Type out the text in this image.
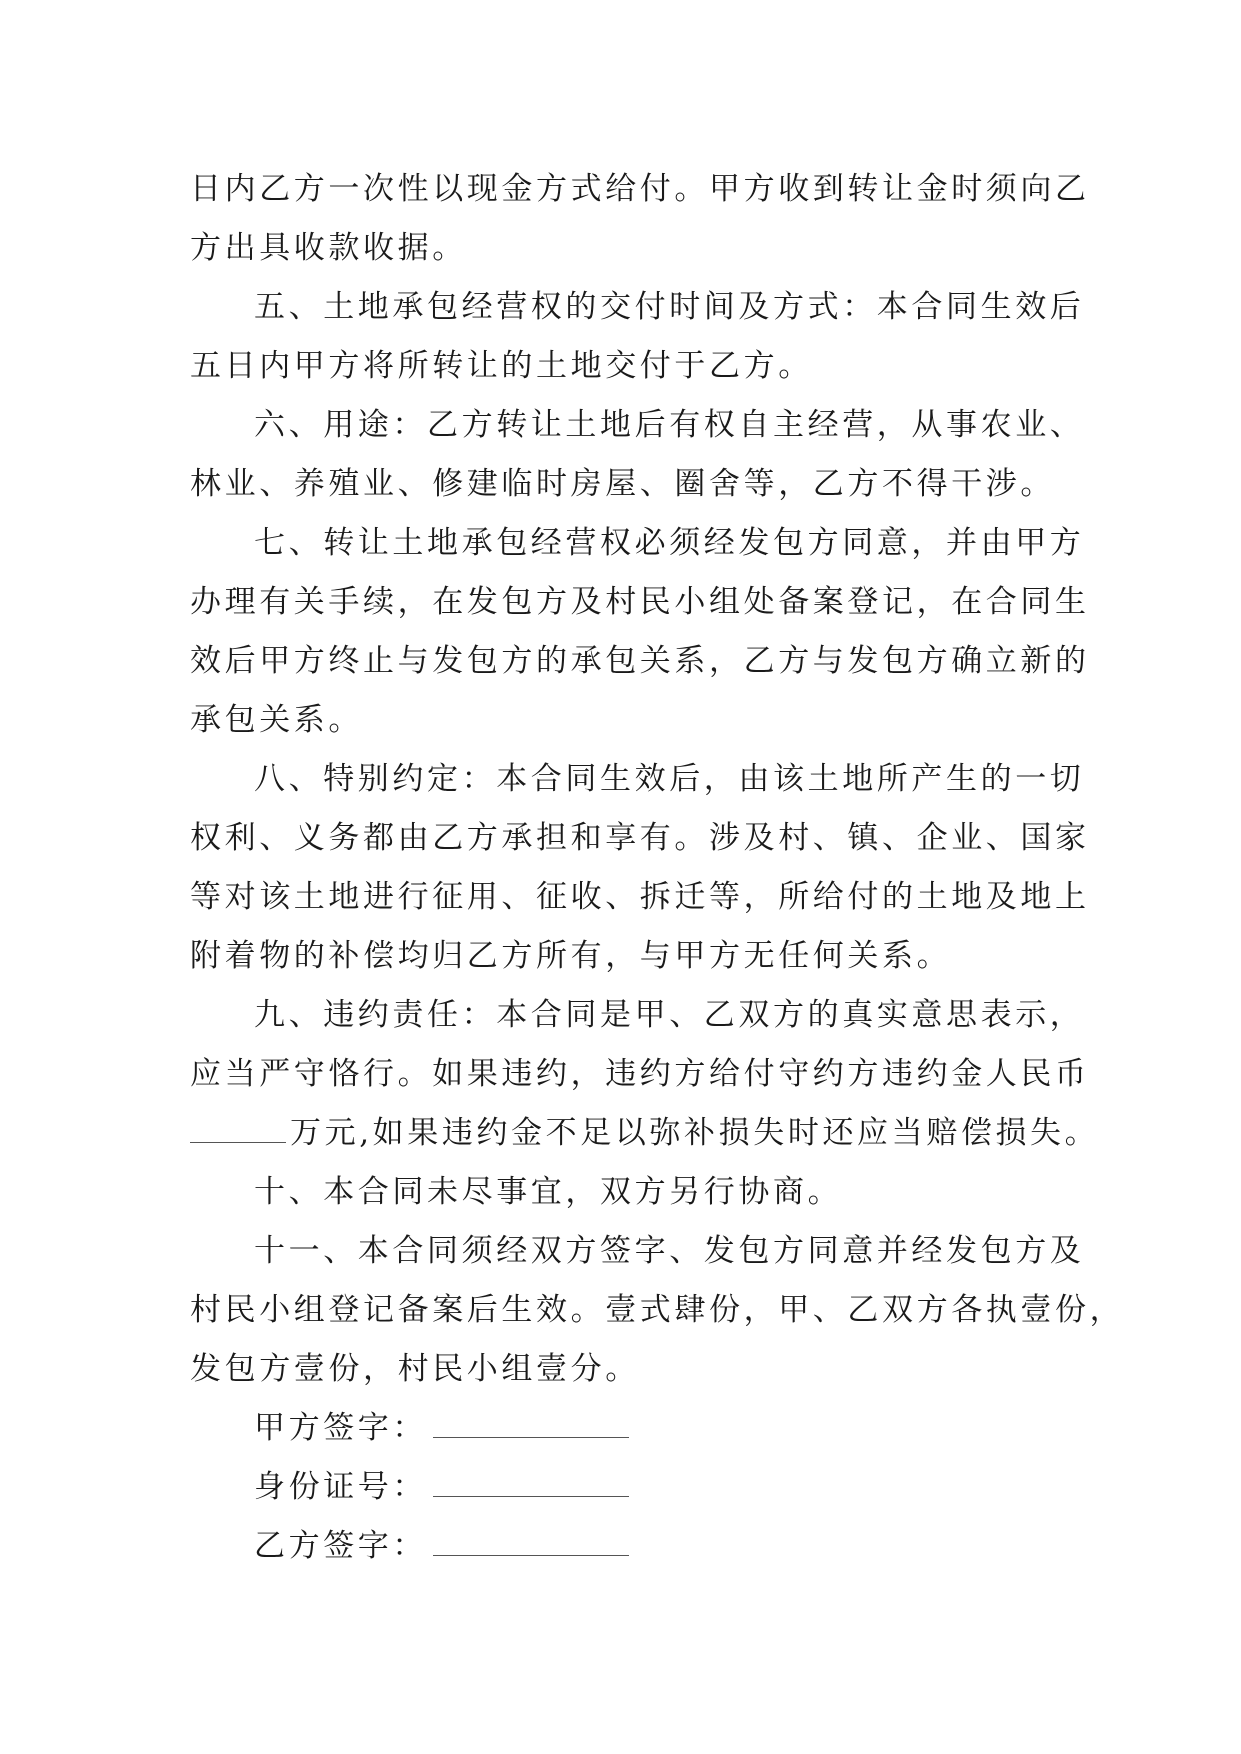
日内乙方一次性以现金方式给付。甲方收到转让金时须向乙
方出具收款收据。
五、土地承包经营权的交付时间及方式：本合同生效后
五日内甲方将所转让的土地交付于乙方。
六、用途：乙方转让土地后有权自主经营，从事农业、
林业、养殖业、修建临时房屋、圈舍等，乙方不得干涉。
七、转让土地承包经营权必须经发包方同意，并由甲方
办理有关手续，在发包方及村民小组处备案登记，在合同生
效后甲方终止与发包方的承包关系，乙方与发包方确立新的
承包关系。
八、特别约定：本合同生效后，由该土地所产生的一切
权利、义务都由乙方承担和享有。涉及村、镇、企业、国家
等对该土地进行征用、征收、拆迁等，所给付的土地及地上
附着物的补偿均归乙方所有，与甲方无任何关系。
九、违约责任：本合同是甲、乙双方的真实意思表示，
应当严守恪行。如果违约，违约方给付守约方违约金人民币
万元,如果违约金不足以弥补损失时还应当赔偿损失。
十、本合同未尽事宜，双方另行协商。
十一、本合同须经双方签字、发包方同意并经发包方及
村民小组登记备案后生效。壹式肆份，甲、乙双方各执壹份，
发包方壹份，村民小组壹分。
甲方签字：
身份证号：
乙方签字：
